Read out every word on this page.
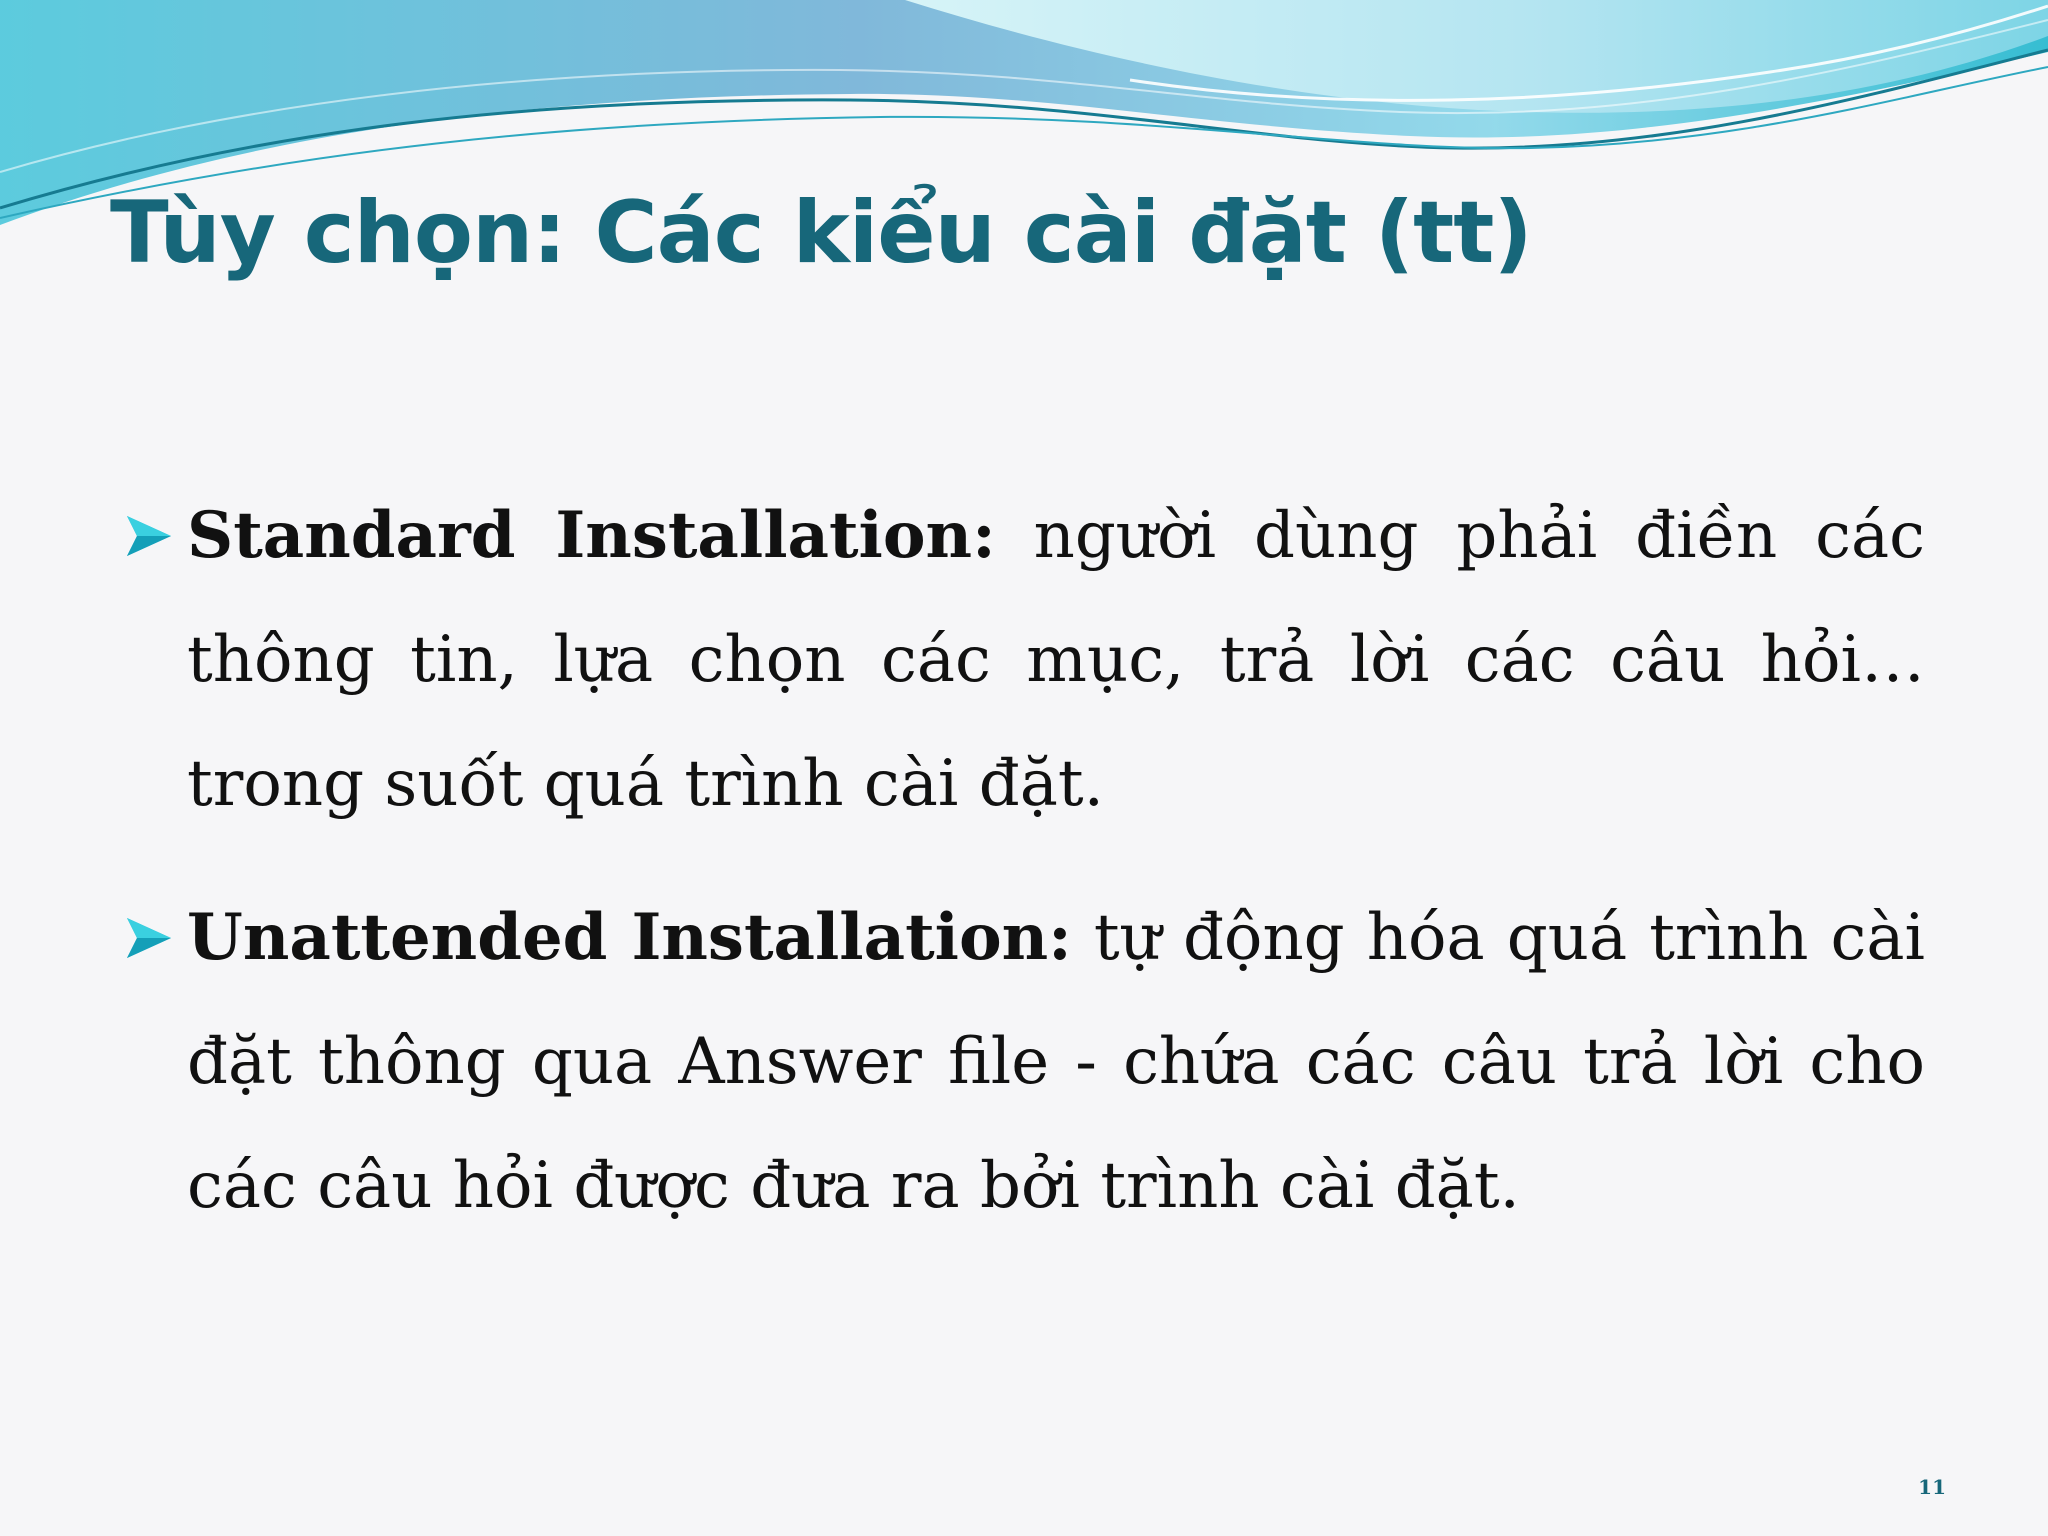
Tùy chọn: Các kiểu cài đặt (tt)

Standard Installation: người dùng phải điền các thông tin, lựa chọn các mục, trả lời các câu hỏi… trong suốt quá trình cài đặt.

Unattended Installation: tự động hóa quá trình cài đặt thông qua Answer file - chứa các câu trả lời cho các câu hỏi được đưa ra bởi trình cài đặt.

11
